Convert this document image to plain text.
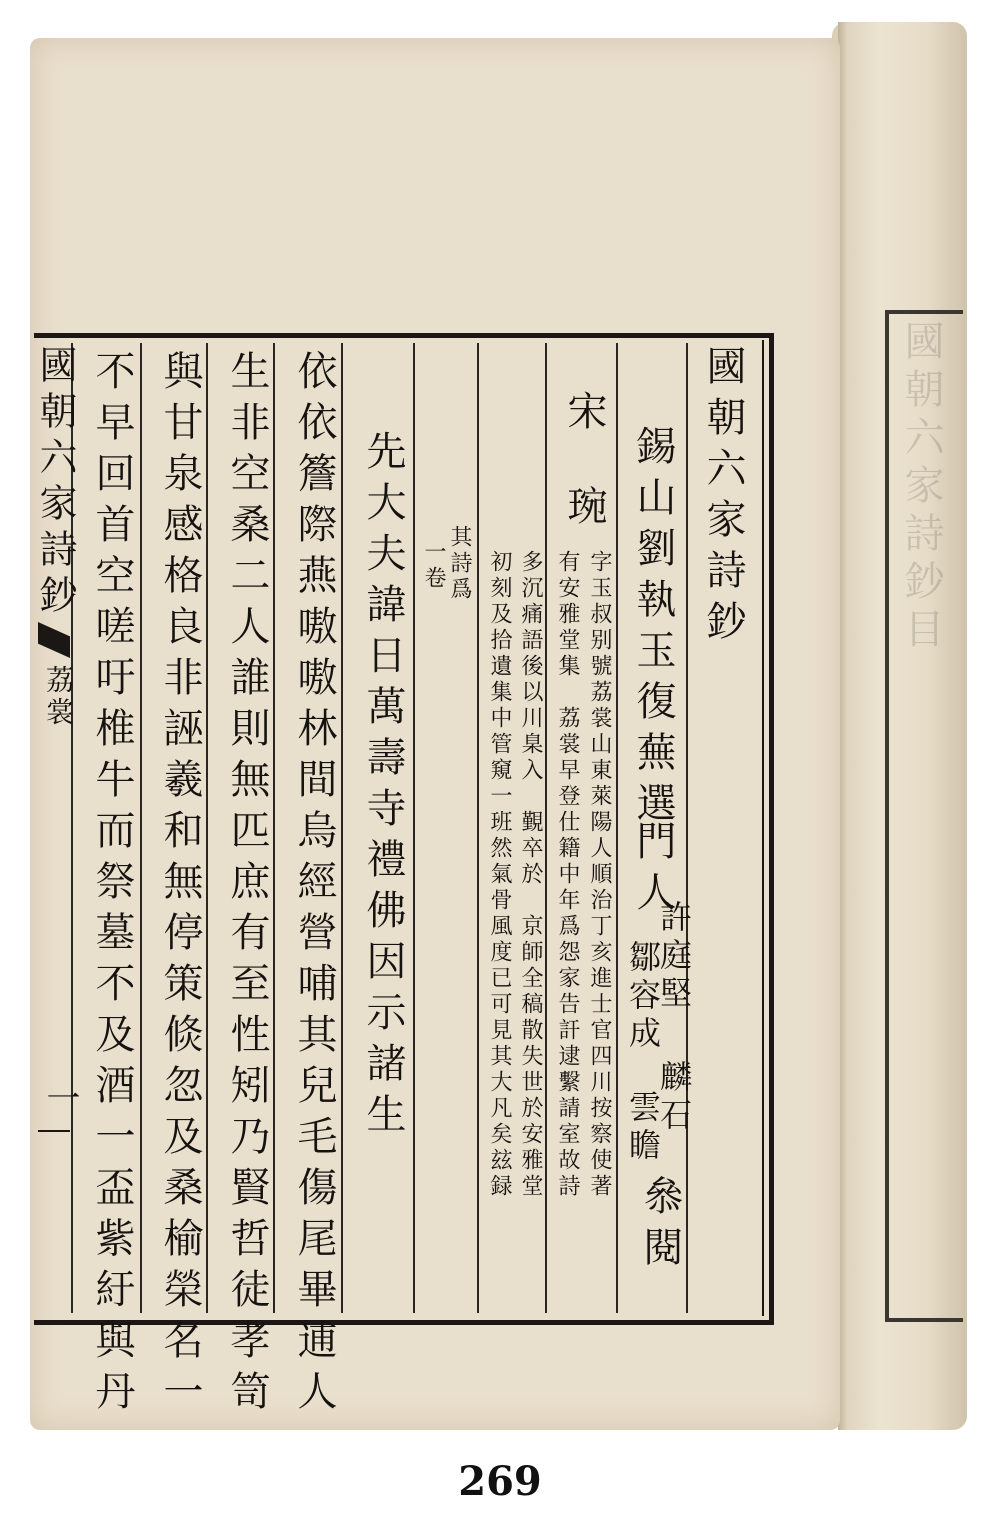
國朝六家詩鈔目
國朝六家詩鈔
錫山劉執玉復蕪選
門人
許庭堅
麟石
鄒容成
雲瞻
叅閱
宋
琬
字玉叔别號荔裳山東萊陽人順治丁亥進士官四川按察使著
有安雅堂集　荔裳早登仕籍中年爲怨家告訐逮繫請室故詩
多沉痛語後以川臬入　覲卒於　京師全稿散失世於安雅堂
初刻及拾遺集中管窺一班然氣骨風度已可見其大凡矣玆録
其詩爲
一卷
先大夫諱日萬壽寺禮佛因示諸生
依依簷際燕嗷嗷林間烏經營哺其兒毛傷尾畢逋人
生非空桑二人誰則無匹庶有至性矧乃賢哲徒孝笥
與甘泉感格良非誣羲和無停策倐忽及桑榆榮名一
不早回首空嗟吁椎牛而祭墓不及酒一盃紫紆與丹
國朝六家詩鈔
荔裳
一
269
